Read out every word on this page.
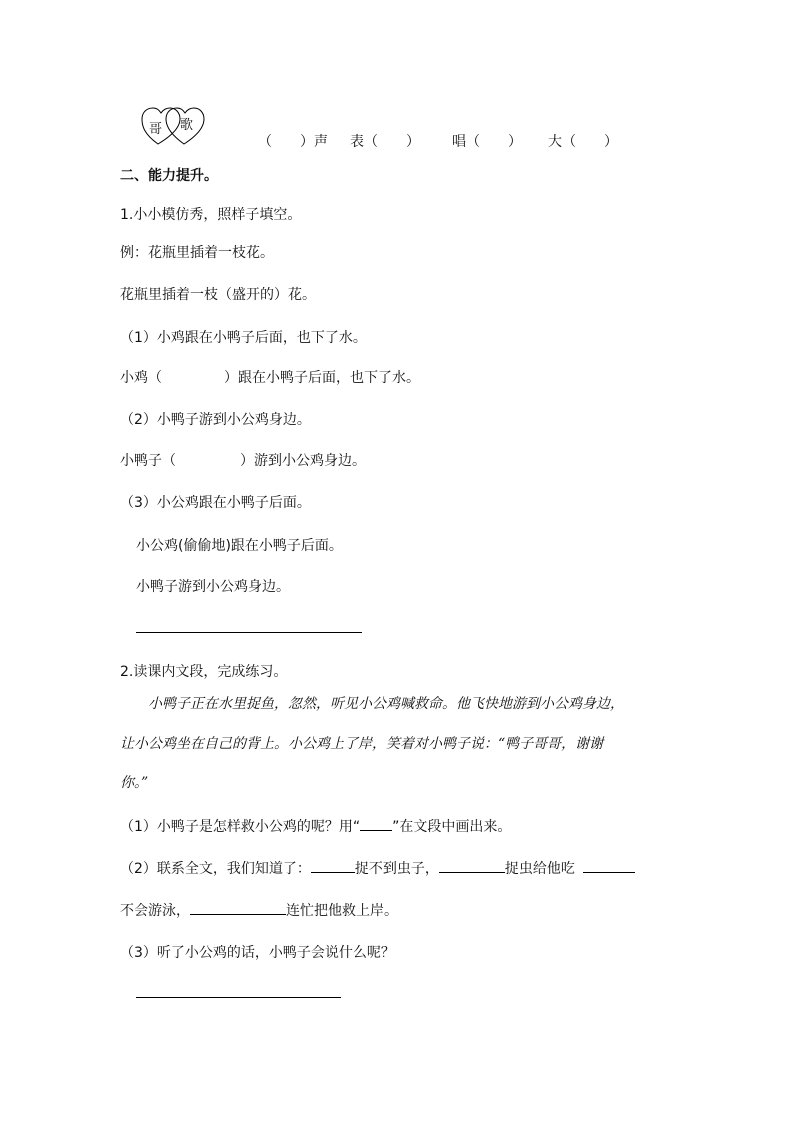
哥 歌
（　　）声 表（　　） 唱（　　） 大（　　）
二、能力提升。
1.小小模仿秀，照样子填空。
例：花瓶里插着一枝花。
花瓶里插着一枝（盛开的）花。
（1）小鸡跟在小鸭子后面，也下了水。
小鸡（	）跟在小鸭子后面，也下了水。
（2）小鸭子游到小公鸡身边。
小鸭子（	）游到小公鸡身边。
（3）小公鸡跟在小鸭子后面。
小公鸡(偷偷地)跟在小鸭子后面。
小鸭子游到小公鸡身边。
2.读课内文段，完成练习。
小鸭子正在水里捉鱼，忽然，听见小公鸡喊救命。他飞快地游到小公鸡身边，
让小公鸡坐在自己的背上。小公鸡上了岸，笑着对小鸭子说：“鸭子哥哥，谢谢
你。”
（1）小鸭子是怎样救小公鸡的呢？用“ ”在文段中画出来。
（2）联系全文，我们知道了：	捉不到虫子，	捉虫给他吃
不会游泳，	连忙把他救上岸。
（3）听了小公鸡的话，小鸭子会说什么呢？
